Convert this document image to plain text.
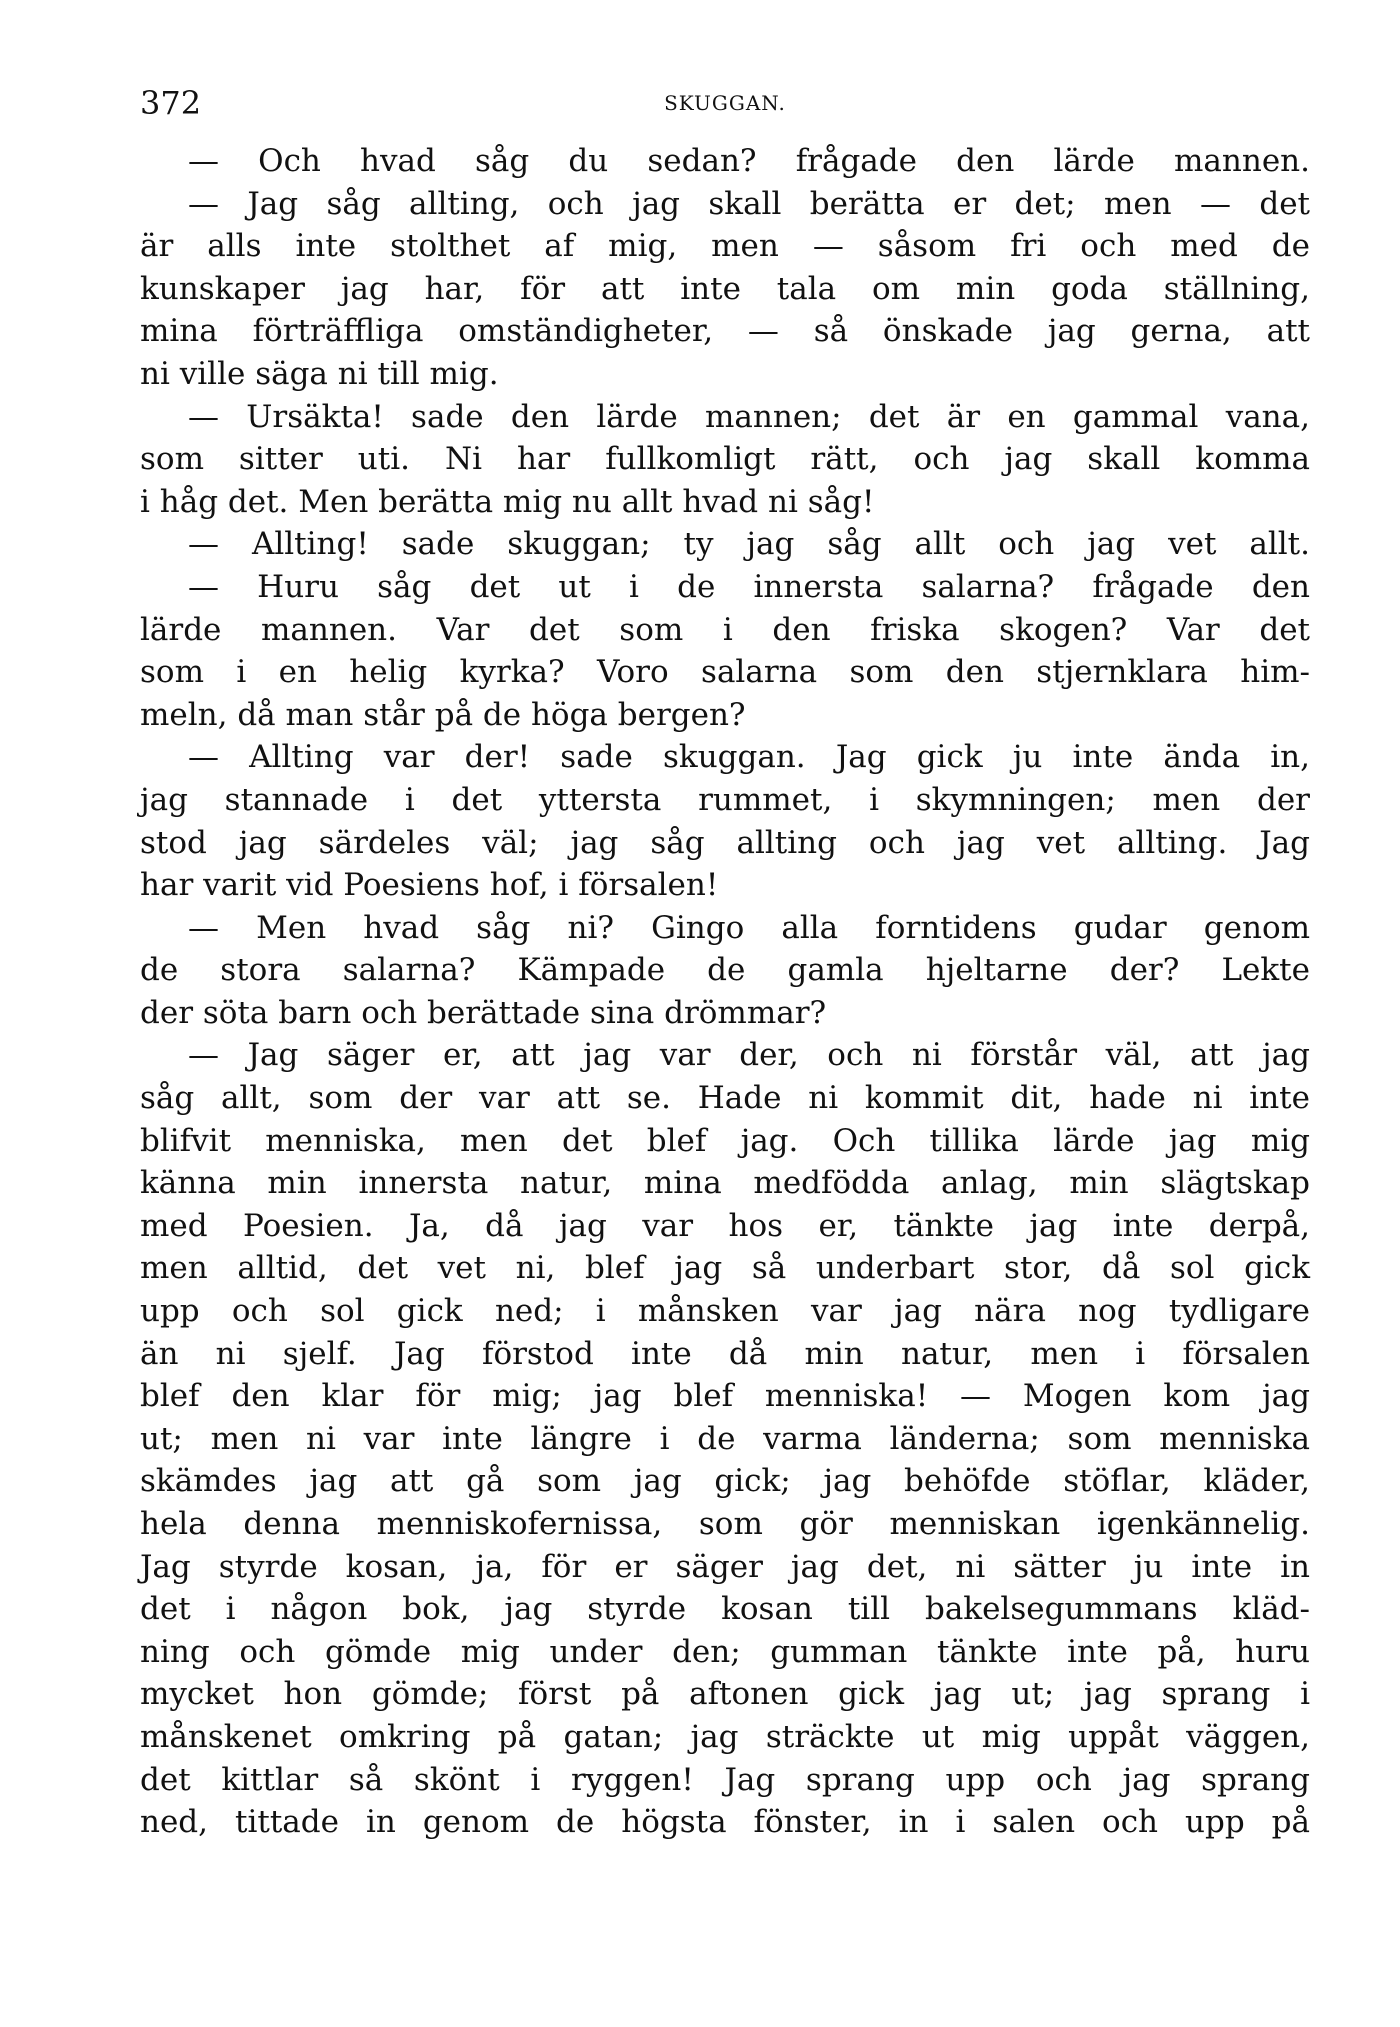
372	SKUGGAN.
— Och hvad såg du sedan? frågade den lärde mannen.
— Jag såg allting, och jag skall berätta er det; men — det
är alls inte stolthet af mig, men — såsom fri och med de
kunskaper jag har, för att inte tala om min goda ställning,
mina förträffliga omständigheter, — så önskade jag gerna, att
ni ville säga ni till mig.
— Ursäkta! sade den lärde mannen; det är en gammal vana,
som sitter uti. Ni har fullkomligt rätt, och jag skall komma
i håg det. Men berätta mig nu allt hvad ni såg!
— Allting! sade skuggan; ty jag såg allt och jag vet allt.
— Huru såg det ut i de innersta salarna? frågade den
lärde mannen. Var det som i den friska skogen? Var det
som i en helig kyrka? Voro salarna som den stjernklara him-
meln, då man står på de höga bergen?
— Allting var der! sade skuggan. Jag gick ju inte ända in,
jag stannade i det yttersta rummet, i skymningen; men der
stod jag särdeles väl; jag såg allting och jag vet allting. Jag
har varit vid Poesiens hof, i försalen!
— Men hvad såg ni? Gingo alla forntidens gudar genom
de stora salarna? Kämpade de gamla hjeltarne der? Lekte
der söta barn och berättade sina drömmar?
— Jag säger er, att jag var der, och ni förstår väl, att jag
såg allt, som der var att se. Hade ni kommit dit, hade ni inte
blifvit menniska, men det blef jag. Och tillika lärde jag mig
känna min innersta natur, mina medfödda anlag, min slägtskap
med Poesien. Ja, då jag var hos er, tänkte jag inte derpå,
men alltid, det vet ni, blef jag så underbart stor, då sol gick
upp och sol gick ned; i månsken var jag nära nog tydligare
än ni sjelf. Jag förstod inte då min natur, men i försalen
blef den klar för mig; jag blef menniska! — Mogen kom jag
ut; men ni var inte längre i de varma länderna; som menniska
skämdes jag att gå som jag gick; jag behöfde stöflar, kläder,
hela denna menniskofernissa, som gör menniskan igenkännelig.
Jag styrde kosan, ja, för er säger jag det, ni sätter ju inte in
det i någon bok, jag styrde kosan till bakelsegummans kläd-
ning och gömde mig under den; gumman tänkte inte på, huru
mycket hon gömde; först på aftonen gick jag ut; jag sprang i
månskenet omkring på gatan; jag sträckte ut mig uppåt väggen,
det kittlar så skönt i ryggen! Jag sprang upp och jag sprang
ned, tittade in genom de högsta fönster, in i salen och upp på
